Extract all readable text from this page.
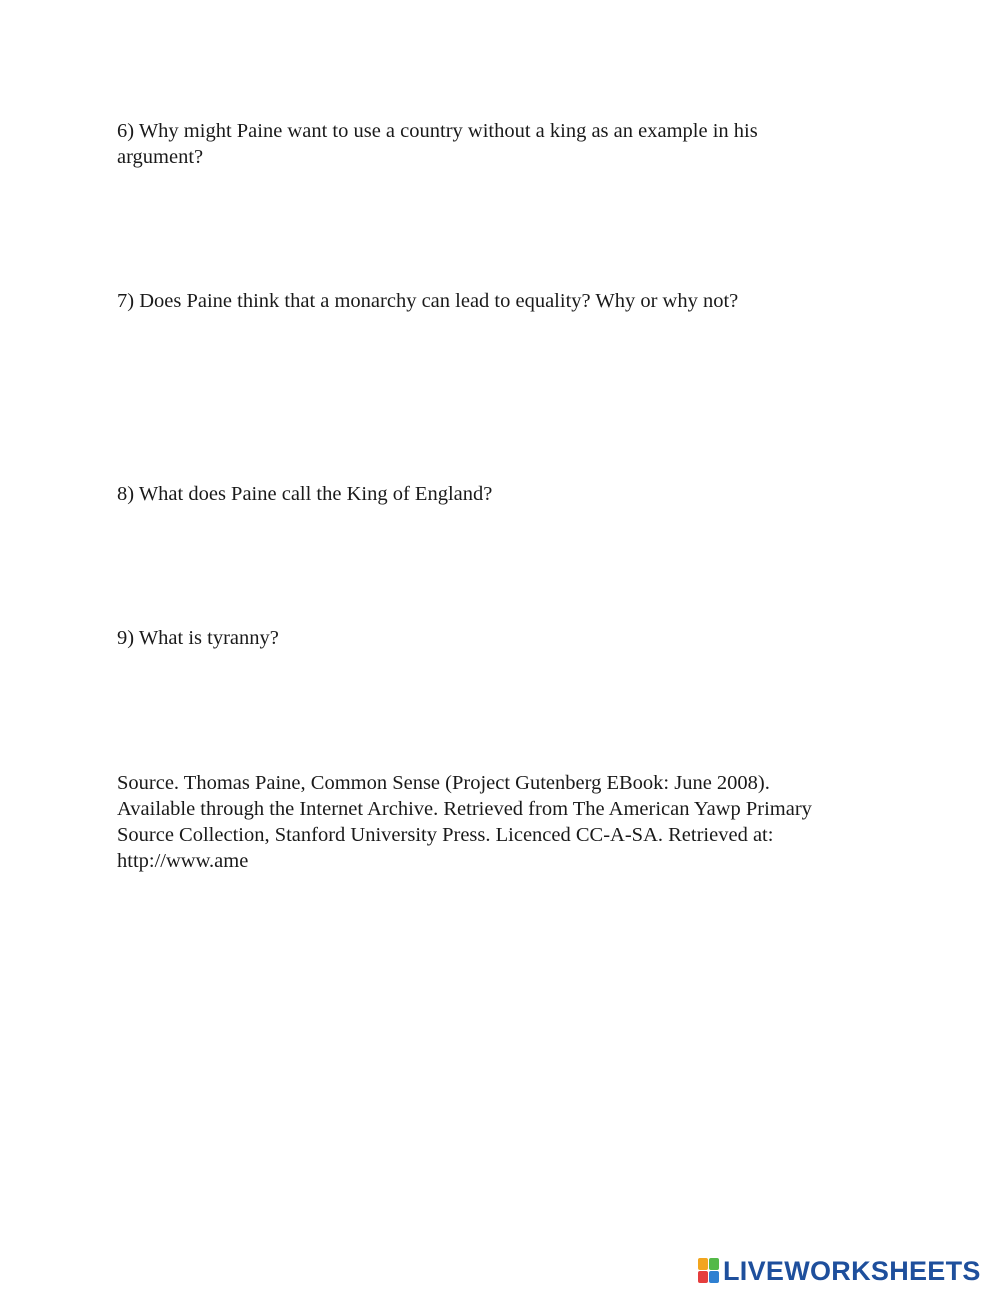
6) Why might Paine want to use a country without a king as an example in his
argument?

7) Does Paine think that a monarchy can lead to equality? Why or why not?

8) What does Paine call the King of England?

9) What is tyranny?

Source. Thomas Paine, Common Sense (Project Gutenberg EBook: June 2008).
Available through the Internet Archive. Retrieved from The American Yawp Primary
Source Collection, Stanford University Press. Licenced CC-A-SA. Retrieved at:
http://www.ame

LIVEWORKSHEETS
